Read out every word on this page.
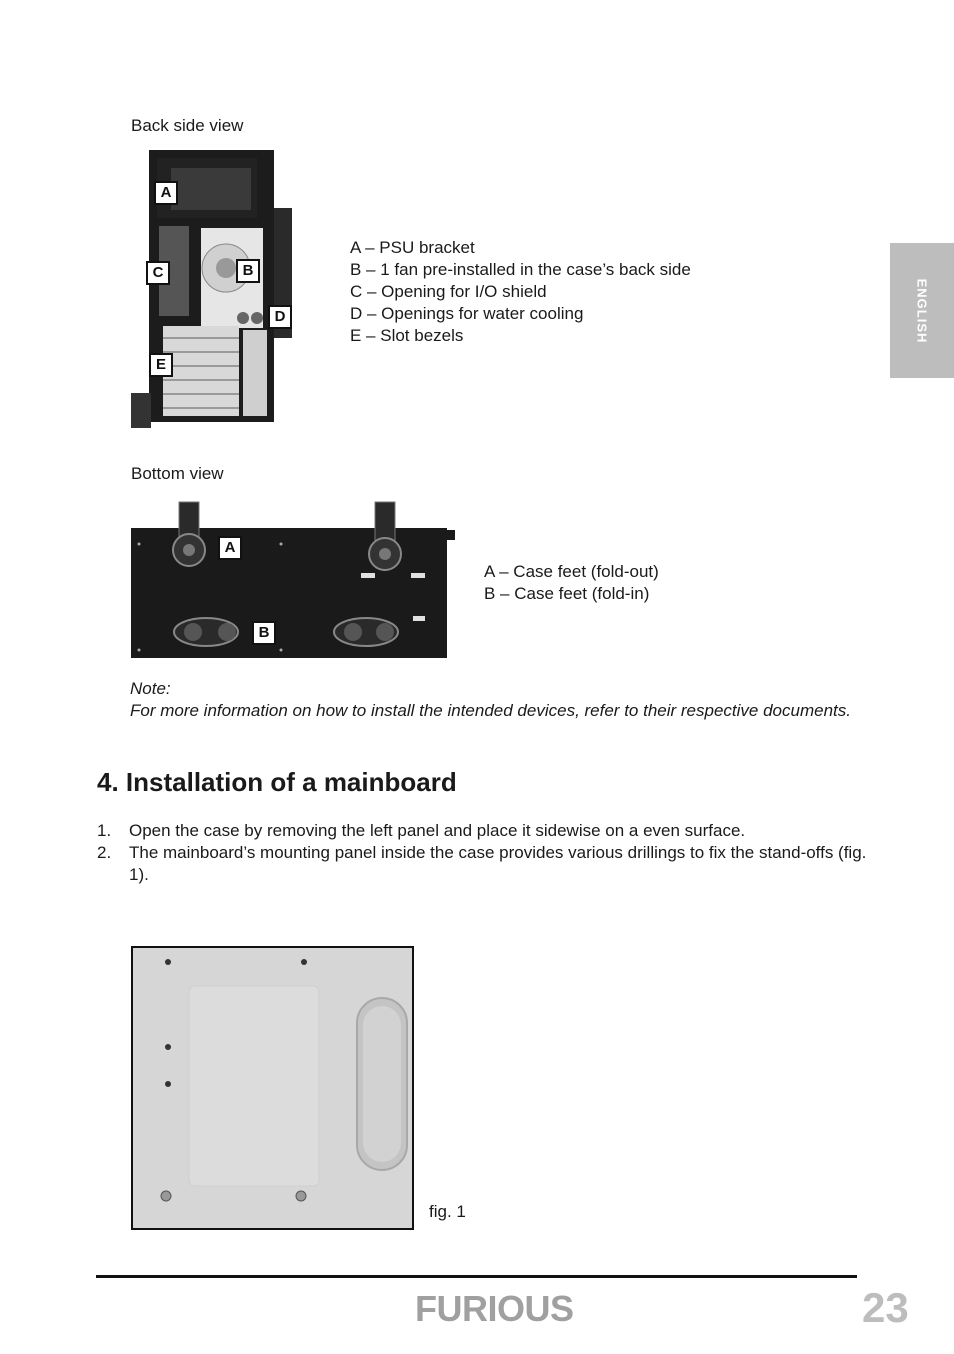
Back side view
A
B
C
D
E
A – PSU bracket
B – 1 fan pre-installed in the case’s back side
C – Opening for I/O shield
D – Openings for water cooling
E – Slot bezels	ENGLISH
Bottom view
A
B
A – Case feet (fold-out)
B – Case feet (fold-in)
Note:
For more information on how to install the intended devices, refer to their respective documents.
4. Installation of a mainboard
1. Open the case by removing the left panel and place it sidewise on a even surface.
2. The mainboard’s mounting panel inside the case provides various drillings to fix the stand-offs (fig. 1).
fig. 1
FURIOUS	23
